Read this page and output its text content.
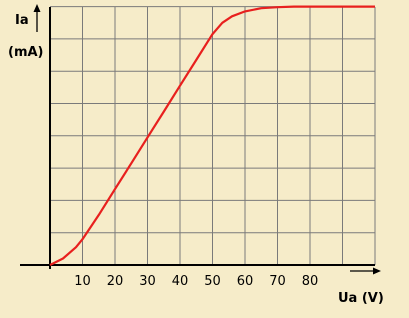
10 20 30 40 50 60 70 80
Ia
(mA)
Ua (V)
